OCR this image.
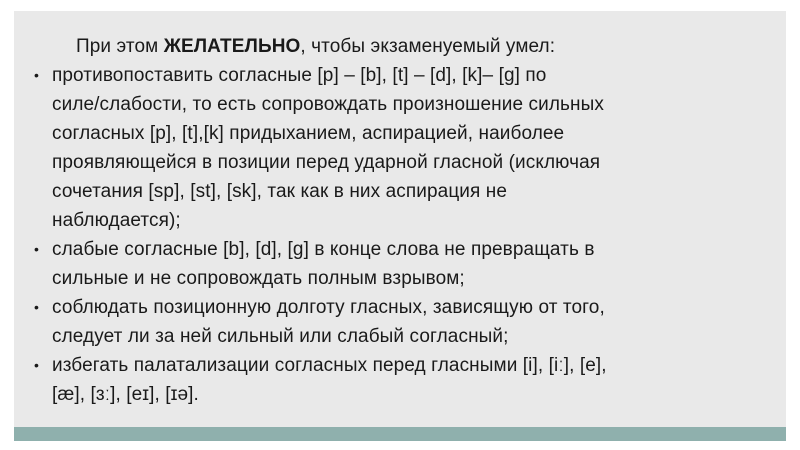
При этом ЖЕЛАТЕЛЬНО, чтобы экзаменуемый умел:

• противопоставить согласные [p] – [b], [t] – [d], [k]– [g] по
силе/слабости, то есть сопровождать произношение сильных
согласных [p], [t],[k] придыханием, аспирацией, наиболее
проявляющейся в позиции перед ударной гласной (исключая
сочетания [sp], [st], [sk], так как в них аспирация не
наблюдается);
• слабые согласные [b], [d], [g] в конце слова не превращать в
сильные и не сопровождать полным взрывом;
• соблюдать позиционную долготу гласных, зависящую от того,
следует ли за ней сильный или слабый согласный;
• избегать палатализации согласных перед гласными [i], [iː], [e],
[æ], [ɜː], [eɪ], [ɪə].
